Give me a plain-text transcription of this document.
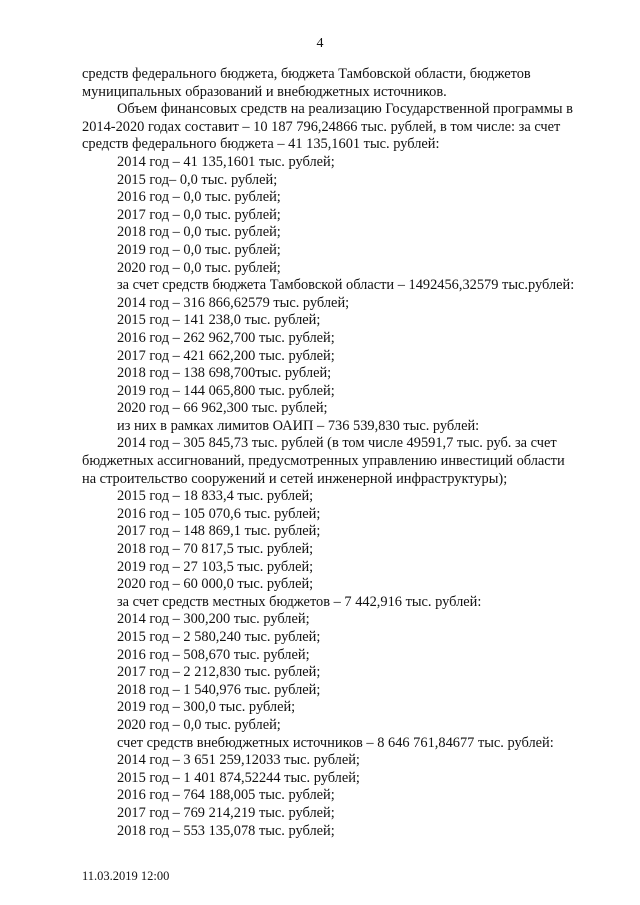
4
средств федерального бюджета, бюджета Тамбовской области, бюджетов
муниципальных образований и внебюджетных источников.
Объем финансовых средств на реализацию Государственной программы в
2014-2020 годах составит – 10 187 796,24866 тыс. рублей, в том числе: за счет
средств федерального бюджета – 41 135,1601 тыс. рублей:
2014 год – 41 135,1601 тыс. рублей;
2015 год– 0,0 тыс. рублей;
2016 год – 0,0 тыс. рублей;
2017 год – 0,0 тыс. рублей;
2018 год – 0,0 тыс. рублей;
2019 год – 0,0 тыс. рублей;
2020 год – 0,0 тыс. рублей;
за счет средств бюджета Тамбовской области – 1492456,32579 тыс.рублей:
2014 год – 316 866,62579 тыс. рублей;
2015 год – 141 238,0 тыс. рублей;
2016 год – 262 962,700 тыс. рублей;
2017 год – 421 662,200 тыс. рублей;
2018 год – 138 698,700тыс. рублей;
2019 год – 144 065,800 тыс. рублей;
2020 год – 66 962,300 тыс. рублей;
из них в рамках лимитов ОАИП – 736 539,830 тыс. рублей:
2014 год – 305 845,73 тыс. рублей (в том числе 49591,7 тыс. руб. за счет
бюджетных ассигнований, предусмотренных управлению инвестиций области
на строительство сооружений и сетей инженерной инфраструктуры);
2015 год – 18 833,4 тыс. рублей;
2016 год – 105 070,6 тыс. рублей;
2017 год – 148 869,1 тыс. рублей;
2018 год – 70 817,5 тыс. рублей;
2019 год – 27 103,5 тыс. рублей;
2020 год – 60 000,0 тыс. рублей;
за счет средств местных бюджетов – 7 442,916 тыс. рублей:
2014 год – 300,200 тыс. рублей;
2015 год – 2 580,240 тыс. рублей;
2016 год – 508,670 тыс. рублей;
2017 год – 2 212,830 тыс. рублей;
2018 год – 1 540,976 тыс. рублей;
2019 год – 300,0 тыс. рублей;
2020 год – 0,0 тыс. рублей;
счет средств внебюджетных источников – 8 646 761,84677 тыс. рублей:
2014 год – 3 651 259,12033 тыс. рублей;
2015 год – 1 401 874,52244 тыс. рублей;
2016 год – 764 188,005 тыс. рублей;
2017 год – 769 214,219 тыс. рублей;
2018 год – 553 135,078 тыс. рублей;
11.03.2019 12:00
